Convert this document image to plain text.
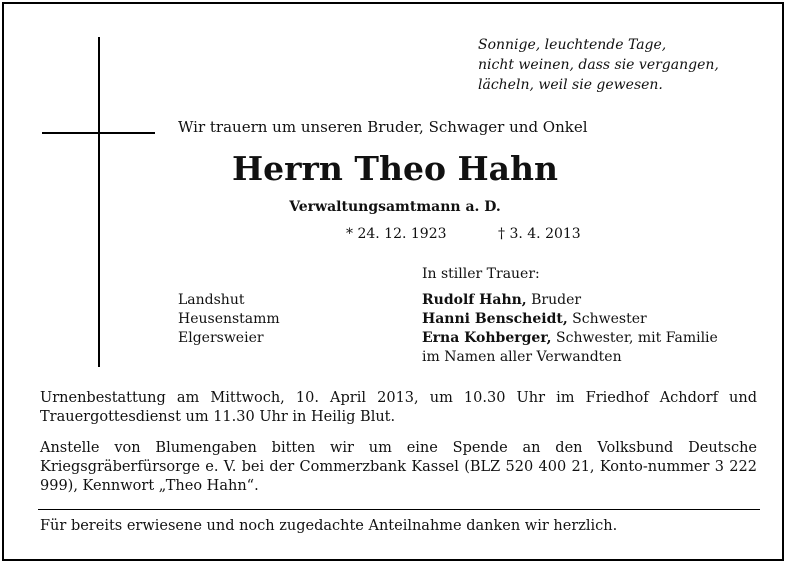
Sonnige, leuchtende Tage,
nicht weinen, dass sie vergangen,
lächeln, weil sie gewesen.
Wir trauern um unseren Bruder, Schwager und Onkel
Herrn Theo Hahn
Verwaltungsamtmann a. D.
* 24. 12. 1923	† 3. 4. 2013
In stiller Trauer:
Landshut
Heusenstamm
Elgersweier
Rudolf Hahn, Bruder
Hanni Benscheidt, Schwester
Erna Kohberger, Schwester, mit Familie
im Namen aller Verwandten
Urnenbestattung am Mittwoch, 10. April 2013, um 10.30 Uhr im Friedhof Achdorf und Trauergottesdienst um 11.30 Uhr in Heilig Blut.
Anstelle von Blumengaben bitten wir um eine Spende an den Volksbund Deutsche Kriegsgräberfürsorge e. V. bei der Commerzbank Kassel (BLZ 520 400 21, Konto-nummer 3 222 999), Kennwort „Theo Hahn“.
Für bereits erwiesene und noch zugedachte Anteilnahme danken wir herzlich.
